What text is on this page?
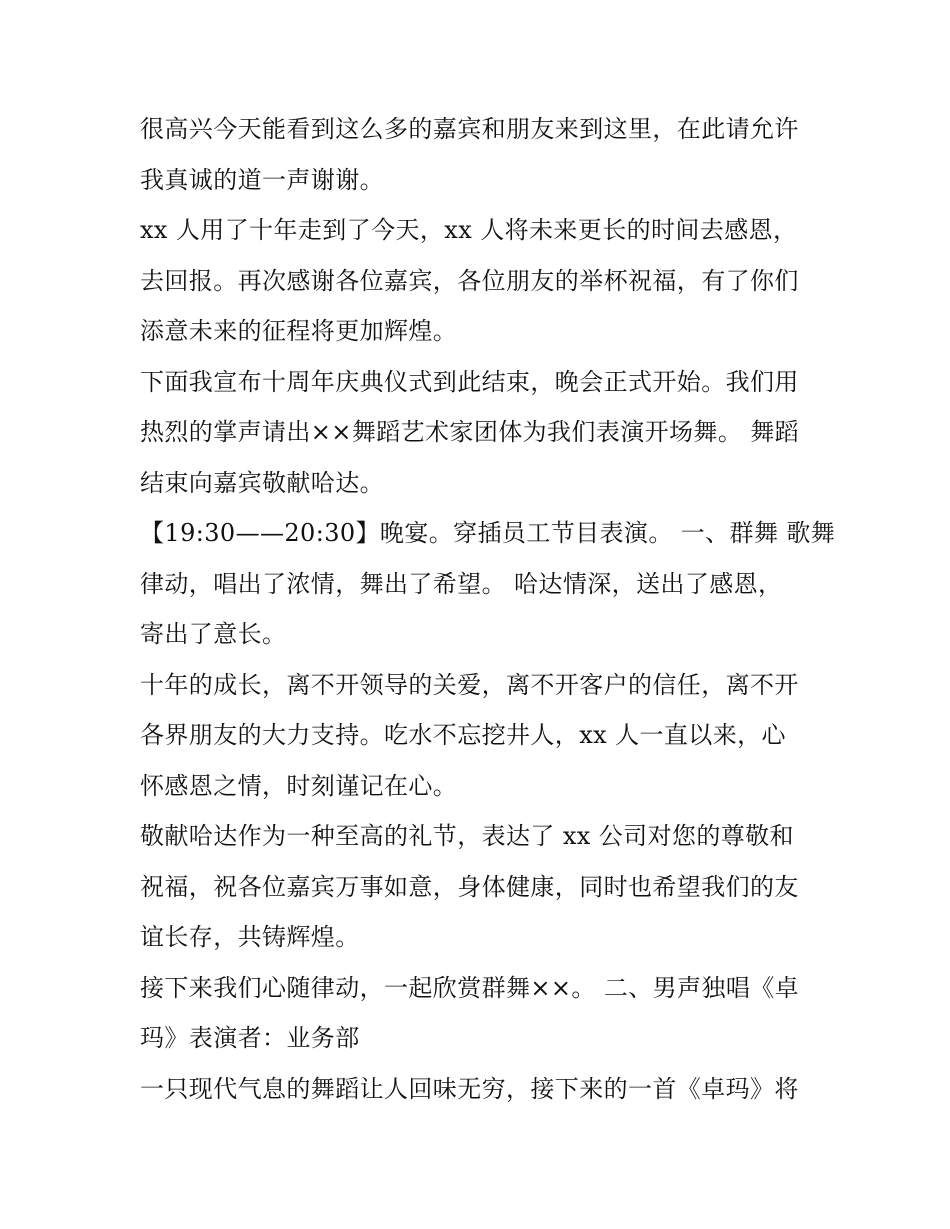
很高兴今天能看到这么多的嘉宾和朋友来到这里，在此请允许
我真诚的道一声谢谢。
xx 人用了十年走到了今天，xx 人将未来更长的时间去感恩，
去回报。再次感谢各位嘉宾，各位朋友的举杯祝福，有了你们
添意未来的征程将更加辉煌。
下面我宣布十周年庆典仪式到此结束，晚会正式开始。我们用
热烈的掌声请出××舞蹈艺术家团体为我们表演开场舞。 舞蹈
结束向嘉宾敬献哈达。
【19:30——20:30】晚宴。穿插员工节目表演。 一、群舞 歌舞
律动，唱出了浓情，舞出了希望。 哈达情深，送出了感恩，
寄出了意长。
十年的成长，离不开领导的关爱，离不开客户的信任，离不开
各界朋友的大力支持。吃水不忘挖井人，xx 人一直以来，心
怀感恩之情，时刻谨记在心。
敬献哈达作为一种至高的礼节，表达了 xx 公司对您的尊敬和
祝福，祝各位嘉宾万事如意，身体健康，同时也希望我们的友
谊长存，共铸辉煌。
接下来我们心随律动，一起欣赏群舞××。 二、男声独唱《卓
玛》表演者：业务部
一只现代气息的舞蹈让人回味无穷，接下来的一首《卓玛》将
